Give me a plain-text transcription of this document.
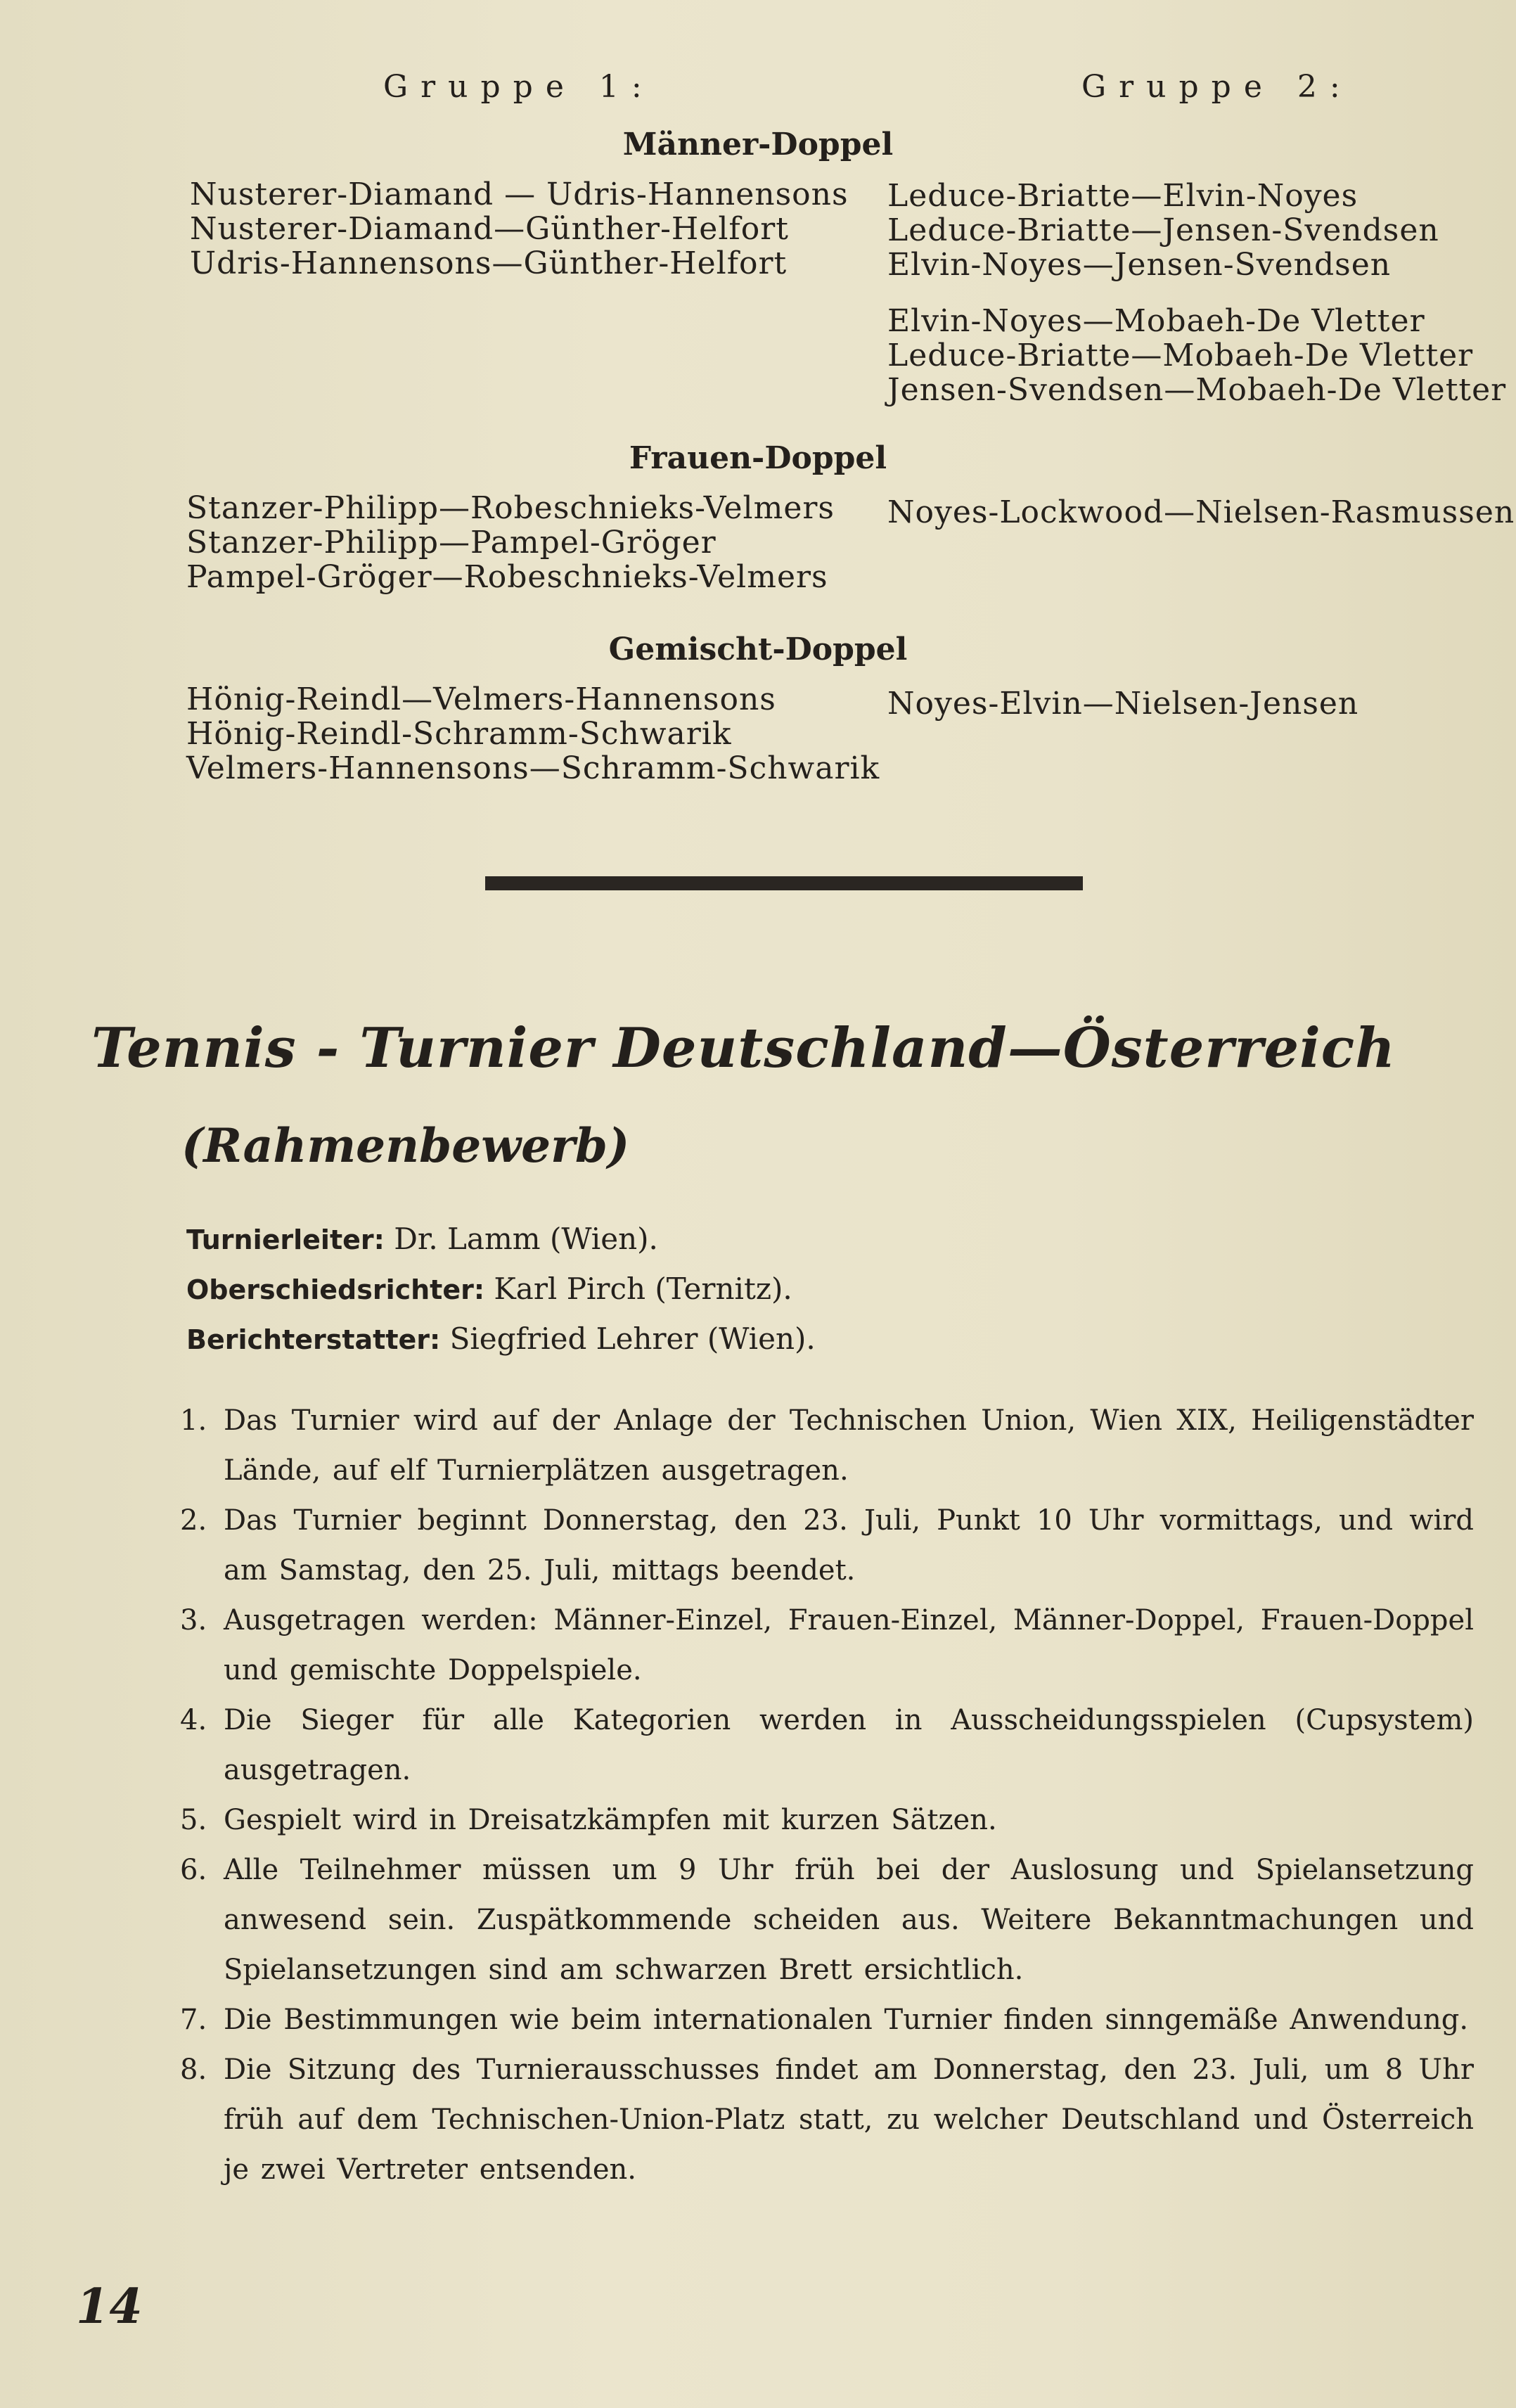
Gruppe 1:	Gruppe 2:
Männer-Doppel
Nusterer-Diamand — Udris-Hannensons
Nusterer-Diamand—Günther-Helfort
Udris-Hannensons—Günther-Helfort
Leduce-Briatte—Elvin-Noyes
Leduce-Briatte—Jensen-Svendsen
Elvin-Noyes—Jensen-Svendsen
Elvin-Noyes—Mobaeh-De Vletter
Leduce-Briatte—Mobaeh-De Vletter
Jensen-Svendsen—Mobaeh-De Vletter
Frauen-Doppel
Stanzer-Philipp—Robeschnieks-Velmers
Stanzer-Philipp—Pampel-Gröger
Pampel-Gröger—Robeschnieks-Velmers
Noyes-Lockwood—Nielsen-Rasmussen
Gemischt-Doppel
Hönig-Reindl—Velmers-Hannensons
Hönig-Reindl-Schramm-Schwarik
Velmers-Hannensons—Schramm-Schwarik
Noyes-Elvin—Nielsen-Jensen
Tennis - Turnier Deutschland—Österreich
(Rahmenbewerb)
Turnierleiter: Dr. Lamm (Wien).
Oberschiedsrichter: Karl Pirch (Ternitz).
Berichterstatter: Siegfried Lehrer (Wien).
1. Das Turnier wird auf der Anlage der Technischen Union, Wien XIX, Heiligenstädter Lände, auf elf Turnierplätzen ausgetragen.
2. Das Turnier beginnt Donnerstag, den 23. Juli, Punkt 10 Uhr vormittags, und wird am Samstag, den 25. Juli, mittags beendet.
3. Ausgetragen werden: Männer-Einzel, Frauen-Einzel, Männer-Doppel, Frauen-Doppel und gemischte Doppelspiele.
4. Die Sieger für alle Kategorien werden in Ausscheidungsspielen (Cupsystem) ausgetragen.
5. Gespielt wird in Dreisatzkämpfen mit kurzen Sätzen.
6. Alle Teilnehmer müssen um 9 Uhr früh bei der Auslosung und Spielansetzung anwesend sein. Zuspätkommende scheiden aus. Weitere Bekanntmachungen und Spielansetzungen sind am schwarzen Brett ersichtlich.
7. Die Bestimmungen wie beim internationalen Turnier finden sinngemäße Anwendung.
8. Die Sitzung des Turnierausschusses findet am Donnerstag, den 23. Juli, um 8 Uhr früh auf dem Technischen-Union-Platz statt, zu welcher Deutschland und Österreich je zwei Vertreter entsenden.
14
